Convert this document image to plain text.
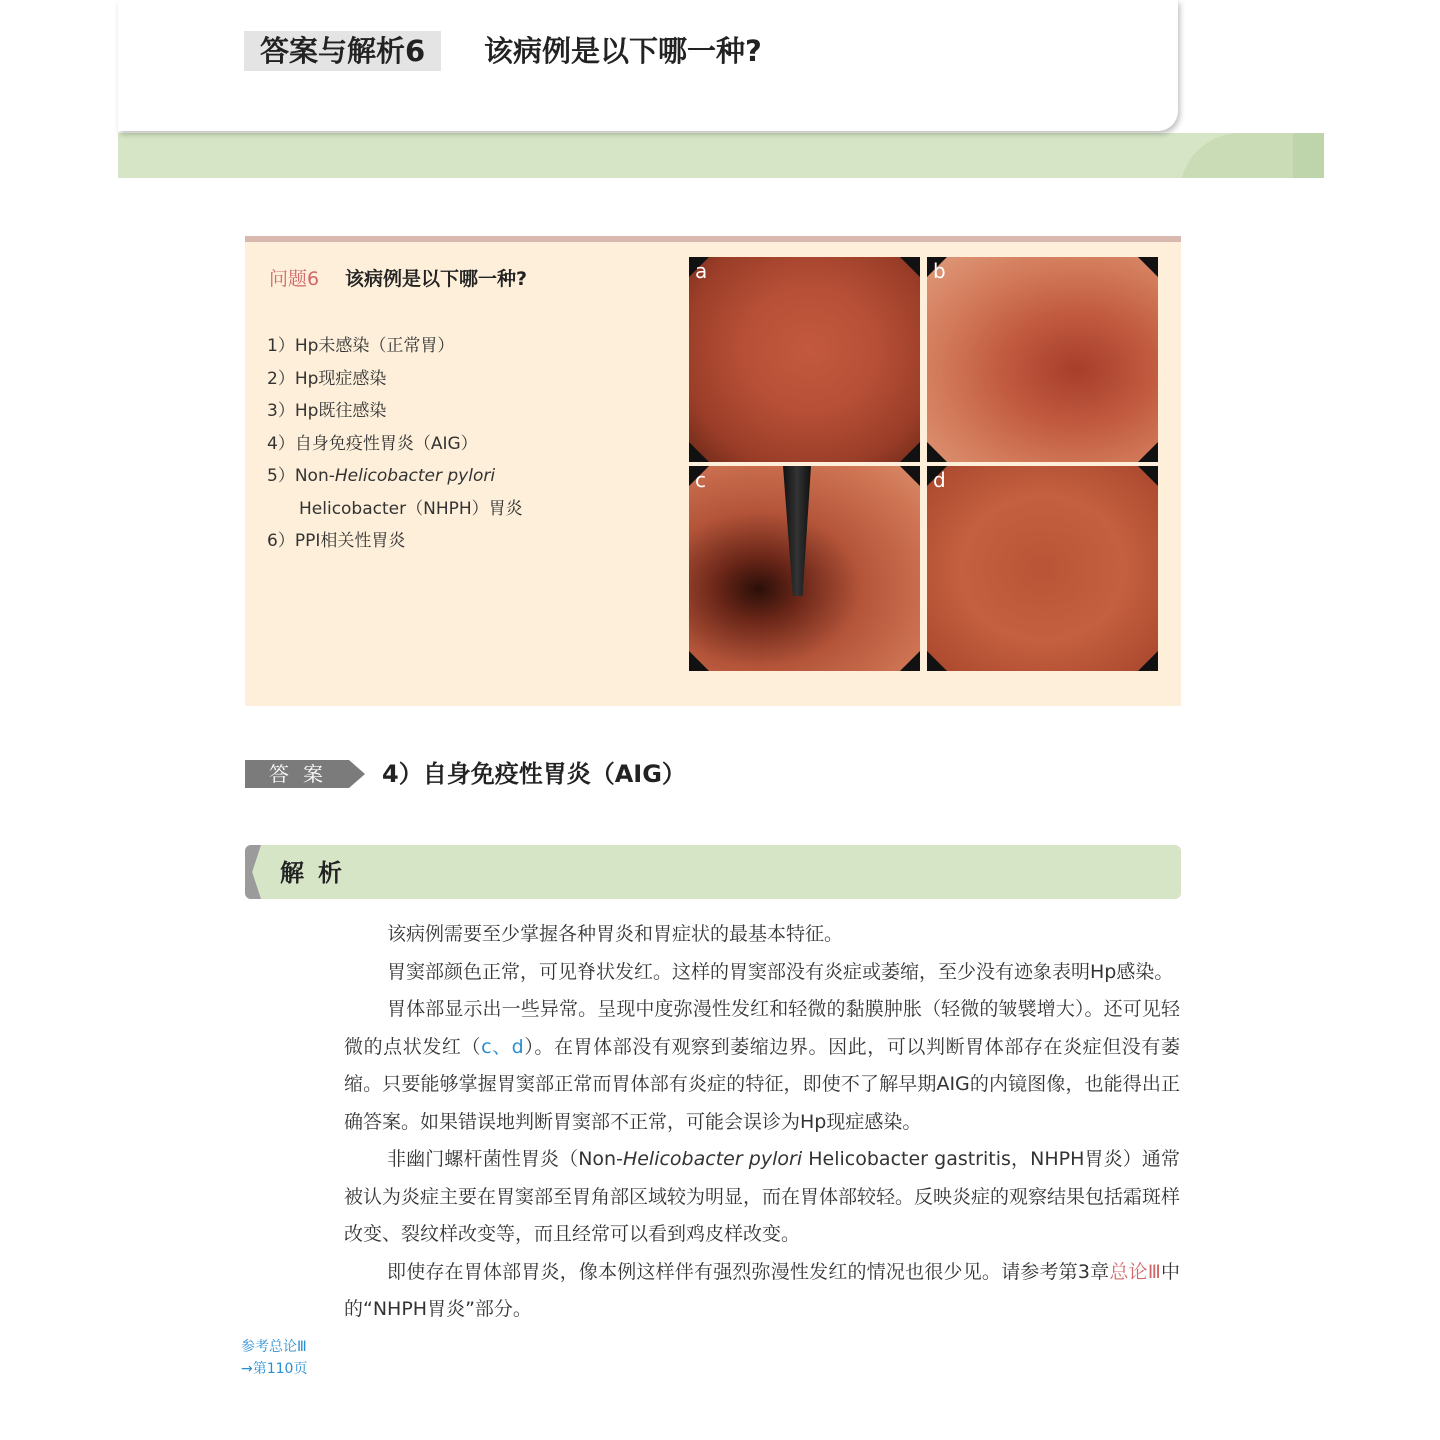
答案与解析6	该病例是以下哪一种?
问题6 该病例是以下哪一种?
1）Hp未感染（正常胃）
2）Hp现症感染
3）Hp既往感染
4）自身免疫性胃炎（AIG）
5）Non-Helicobacter pylori
Helicobacter（NHPH）胃炎
6）PPI相关性胃炎
a	b
c	d
答案	4）自身免疫性胃炎（AIG）
解析

该病例需要至少掌握各种胃炎和胃症状的最基本特征。

胃窦部颜色正常，可见脊状发红。这样的胃窦部没有炎症或萎缩，至少没有迹象表明Hp感染。

胃体部显示出一些异常。呈现中度弥漫性发红和轻微的黏膜肿胀（轻微的皱襞增大）。还可见轻微的点状发红（c、d）。在胃体部没有观察到萎缩边界。因此，可以判断胃体部存在炎症但没有萎缩。只要能够掌握胃窦部正常而胃体部有炎症的特征，即使不了解早期AIG的内镜图像，也能得出正确答案。如果错误地判断胃窦部不正常，可能会误诊为Hp现症感染。

非幽门螺杆菌性胃炎（Non-Helicobacter pylori Helicobacter gastritis，NHPH胃炎）通常被认为炎症主要在胃窦部至胃角部区域较为明显，而在胃体部较轻。反映炎症的观察结果包括霜斑样改变、裂纹样改变等，而且经常可以看到鸡皮样改变。

即使存在胃体部胃炎，像本例这样伴有强烈弥漫性发红的情况也很少见。请参考第3章总论Ⅲ中的“NHPH胃炎”部分。

参考总论Ⅲ
→第110页
